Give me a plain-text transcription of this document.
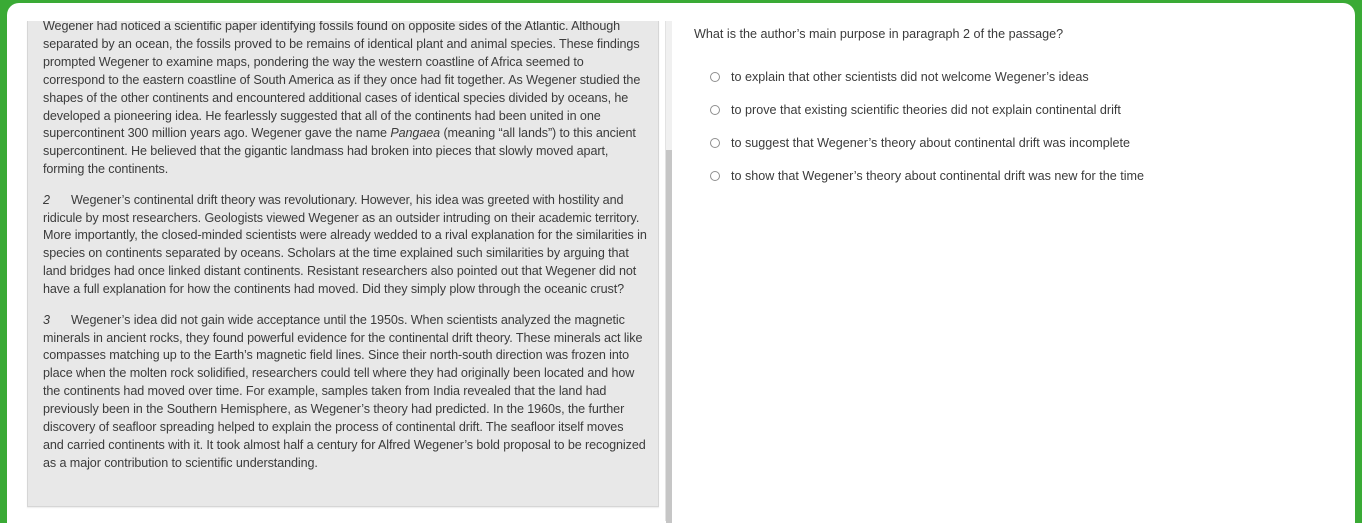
Wegener had noticed a scientific paper identifying fossils found on opposite sides of the Atlantic. Although separated by an ocean, the fossils proved to be remains of identical plant and animal species. These findings prompted Wegener to examine maps, pondering the way the western coastline of Africa seemed to correspond to the eastern coastline of South America as if they once had fit together. As Wegener studied the shapes of the other continents and encountered additional cases of identical species divided by oceans, he developed a pioneering idea. He fearlessly suggested that all of the continents had been united in one supercontinent 300 million years ago. Wegener gave the name Pangaea (meaning “all lands”) to this ancient supercontinent. He believed that the gigantic landmass had broken into pieces that slowly moved apart, forming the continents.

2 Wegener’s continental drift theory was revolutionary. However, his idea was greeted with hostility and ridicule by most researchers. Geologists viewed Wegener as an outsider intruding on their academic territory. More importantly, the closed-minded scientists were already wedded to a rival explanation for the similarities in species on continents separated by oceans. Scholars at the time explained such similarities by arguing that land bridges had once linked distant continents. Resistant researchers also pointed out that Wegener did not have a full explanation for how the continents had moved. Did they simply plow through the oceanic crust?

3 Wegener’s idea did not gain wide acceptance until the 1950s. When scientists analyzed the magnetic minerals in ancient rocks, they found powerful evidence for the continental drift theory. These minerals act like compasses matching up to the Earth’s magnetic field lines. Since their north-south direction was frozen into place when the molten rock solidified, researchers could tell where they had originally been located and how the continents had moved over time. For example, samples taken from India revealed that the land had previously been in the Southern Hemisphere, as Wegener’s theory had predicted. In the 1960s, the further discovery of seafloor spreading helped to explain the process of continental drift. The seafloor itself moves and carried continents with it. It took almost half a century for Alfred Wegener’s bold proposal to be recognized as a major contribution to scientific understanding.

What is the author’s main purpose in paragraph 2 of the passage?

to explain that other scientists did not welcome Wegener’s ideas
to prove that existing scientific theories did not explain continental drift
to suggest that Wegener’s theory about continental drift was incomplete
to show that Wegener’s theory about continental drift was new for the time
